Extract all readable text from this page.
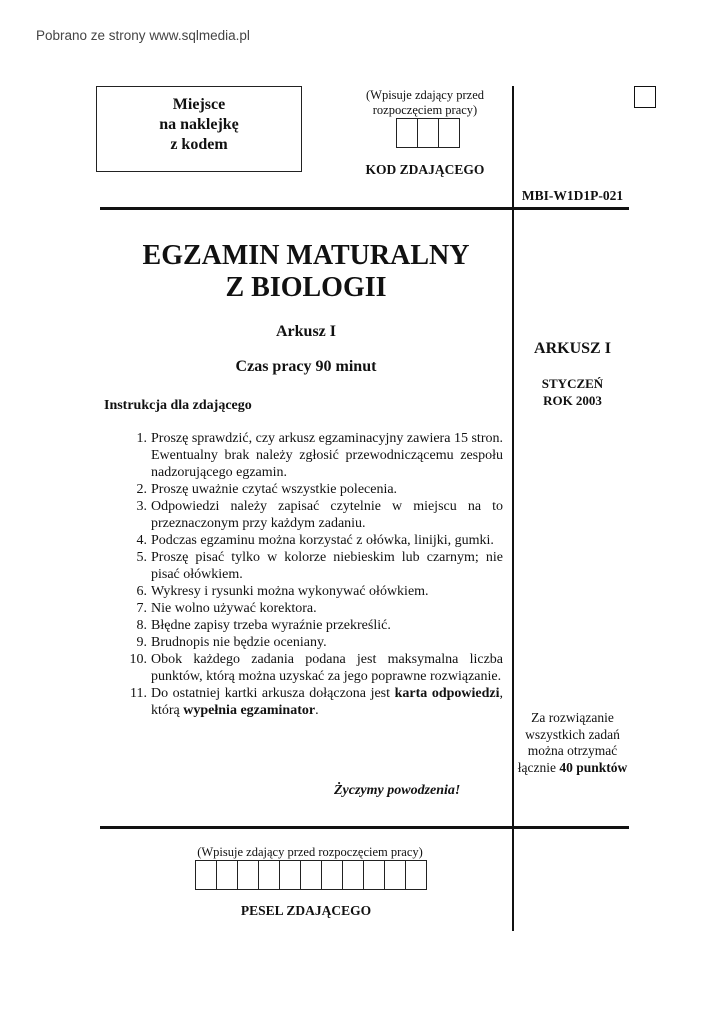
Pobrano ze strony www.sqlmedia.pl
Miejsce
na naklejkę
z kodem
(Wpisuje zdający przed
rozpoczęciem pracy)
KOD ZDAJĄCEGO
MBI-W1D1P-021
EGZAMIN MATURALNY
Z BIOLOGII
Arkusz I
Czas pracy 90 minut
Instrukcja dla zdającego
1. Proszę sprawdzić, czy arkusz egzaminacyjny zawiera 15 stron. Ewentualny brak należy zgłosić przewodniczącemu zespołu nadzorującego egzamin.
2. Proszę uważnie czytać wszystkie polecenia.
3. Odpowiedzi należy zapisać czytelnie w miejscu na to przeznaczonym przy każdym zadaniu.
4. Podczas egzaminu można korzystać z ołówka, linijki, gumki.
5. Proszę pisać tylko w kolorze niebieskim lub czarnym; nie pisać ołówkiem.
6. Wykresy i rysunki można wykonywać ołówkiem.
7. Nie wolno używać korektora.
8. Błędne zapisy trzeba wyraźnie przekreślić.
9. Brudnopis nie będzie oceniany.
10. Obok każdego zadania podana jest maksymalna liczba punktów, którą można uzyskać za jego poprawne rozwiązanie.
11. Do ostatniej kartki arkusza dołączona jest karta odpowiedzi, którą wypełnia egzaminator.
Życzymy powodzenia!
ARKUSZ I
STYCZEŃ
ROK 2003
Za rozwiązanie
wszystkich zadań
można otrzymać
łącznie 40 punktów
(Wpisuje zdający przed rozpoczęciem pracy)
PESEL ZDAJĄCEGO
